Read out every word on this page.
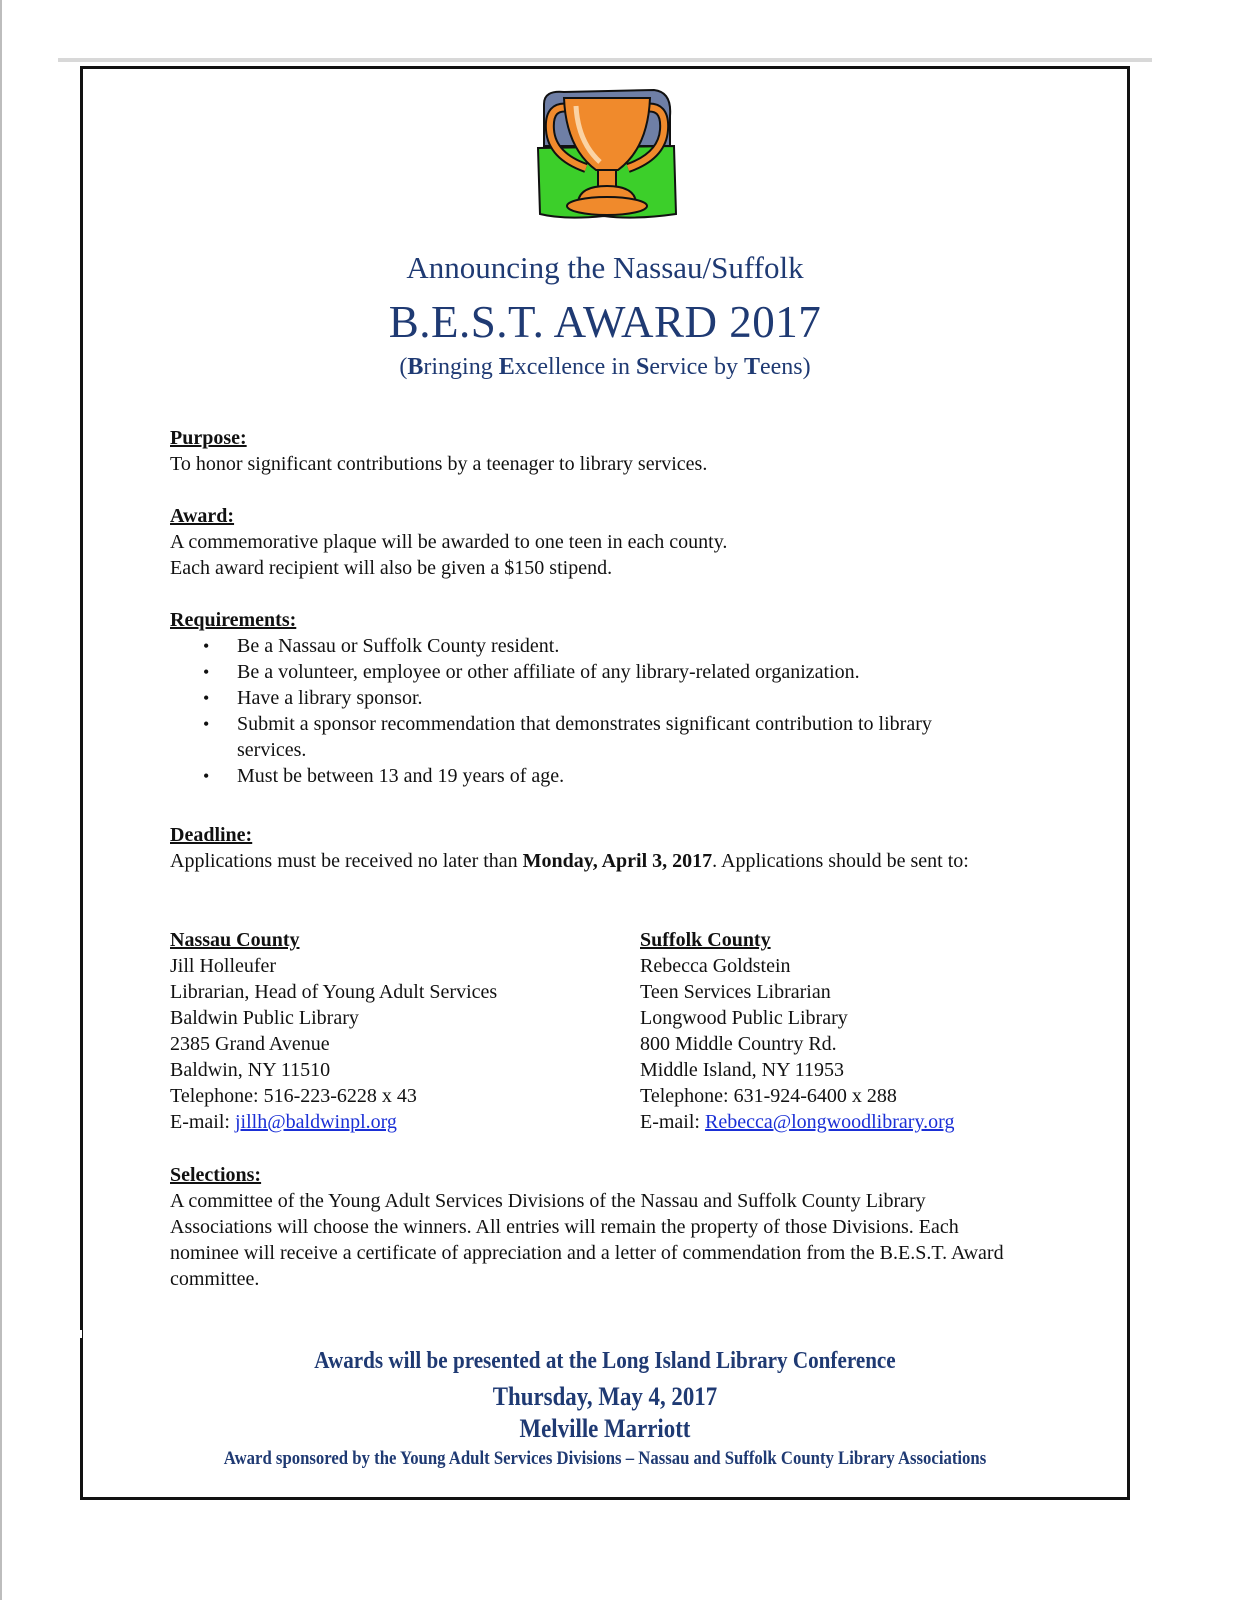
Announcing the Nassau/Suffolk
B.E.S.T. AWARD 2017
(Bringing Excellence in Service by Teens)
Purpose:

To honor significant contributions by a teenager to library services.

Award:

A commemorative plaque will be awarded to one teen in each county.

Each award recipient will also be given a $150 stipend.

Requirements:
• Be a Nassau or Suffolk County resident.
• Be a volunteer, employee or other affiliate of any library-related organization.
• Have a library sponsor.
• Submit a sponsor recommendation that demonstrates significant contribution to library services.
• Must be between 13 and 19 years of age.
Deadline:

Applications must be received no later than Monday, April 3, 2017. Applications should be sent to:

Nassau County
Jill Holleufer
Librarian, Head of Young Adult Services
Baldwin Public Library
2385 Grand Avenue
Baldwin, NY 11510
Telephone: 516-223-6228 x 43
E-mail: jillh@baldwinpl.org
Suffolk County
Rebecca Goldstein
Teen Services Librarian
Longwood Public Library
800 Middle Country Rd.
Middle Island, NY 11953
Telephone: 631-924-6400 x 288
E-mail: Rebecca@longwoodlibrary.org
Selections:

A committee of the Young Adult Services Divisions of the Nassau and Suffolk County Library Associations will choose the winners. All entries will remain the property of those Divisions. Each nominee will receive a certificate of appreciation and a letter of commendation from the B.E.S.T. Award committee.

Awards will be presented at the Long Island Library Conference
Thursday, May 4, 2017
Melville Marriott
Award sponsored by the Young Adult Services Divisions – Nassau and Suffolk County Library Associations
